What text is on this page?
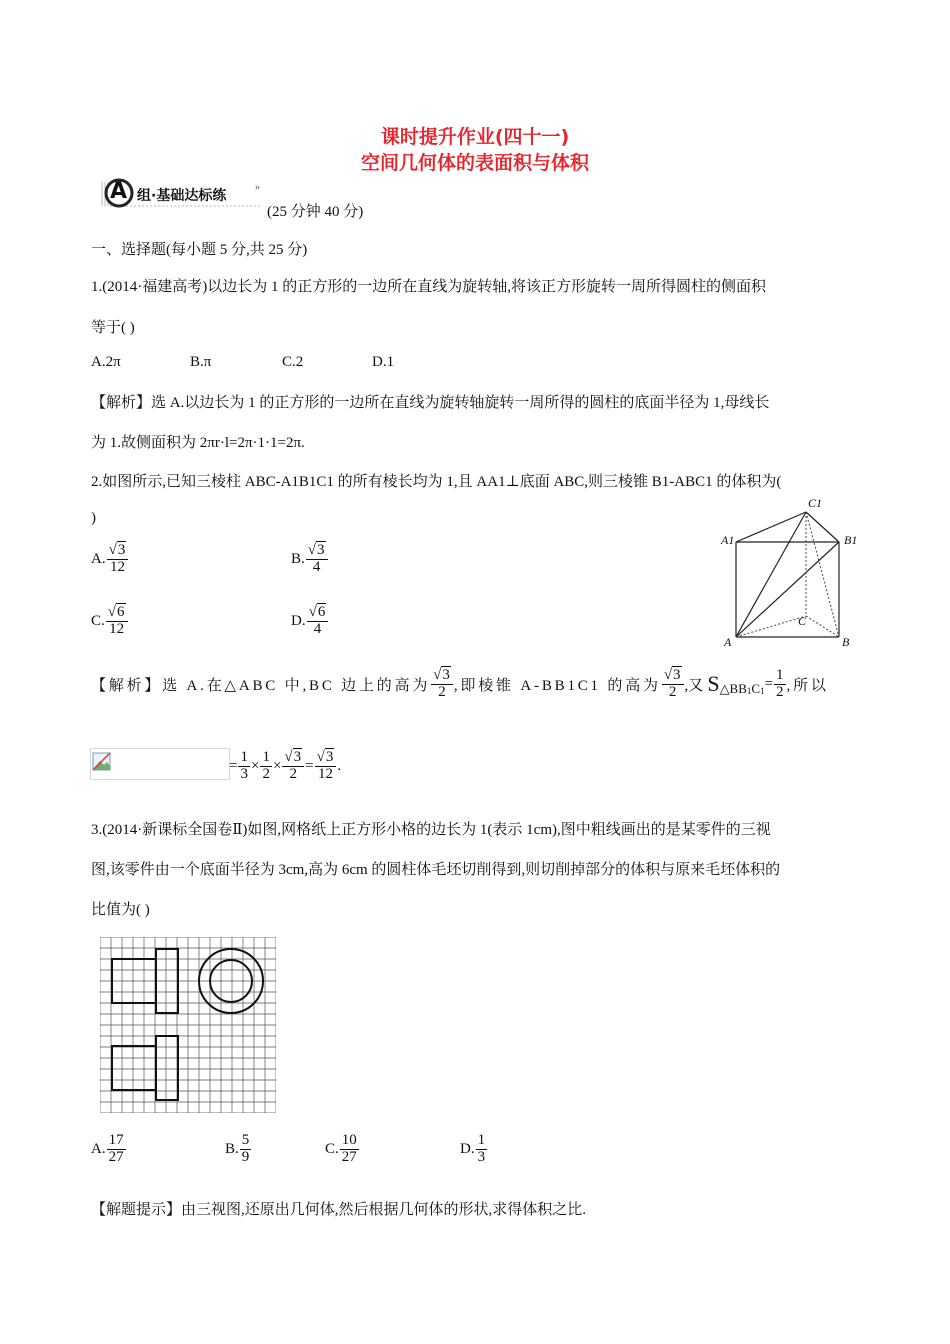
课时提升作业(四十一)
空间几何体的表面积与体积
A 组·基础达标练
»
(25 分钟 40 分)
一、选择题(每小题 5 分,共 25 分)
1.(2014·福建高考)以边长为 1 的正方形的一边所在直线为旋转轴,将该正方形旋转一周所得圆柱的侧面积
等于( )
A.2π	B.π	C.2	D.1
【解析】选 A.以边长为 1 的正方形的一边所在直线为旋转轴旋转一周所得的圆柱的底面半径为 1,母线长
为 1.故侧面积为 2πr·l=2π·1·1=2π.
2.如图所示,已知三棱柱 ABC-A1B1C1 的所有棱长均为 1,且 AA1⊥底面 ABC,则三棱锥 B1-ABC1 的体积为(
)
A. $\frac{√3}{12}$	B. $\frac{√3}{4}$
C. $\frac{√6}{12}$	D. $\frac{√6}{4}$
A1	B1
C1
A	B
C
【解析】选 A.在△ABC 中,BC 边上的高为 $\frac{√3}{2}$ ,即棱锥 A-BB1C1 的高为 $\frac{√3}{2}$ ,又 S △BB 1 C $1 = \frac{1}{2}$ ,所以
= $\frac{1}{3} \times \frac{1}{2} \times \frac{√3}{2} = \frac{√3}{12}$ .
3.(2014·新课标全国卷Ⅱ)如图,网格纸上正方形小格的边长为 1(表示 1cm),图中粗线画出的是某零件的三视
图,该零件由一个底面半径为 3cm,高为 6cm 的圆柱体毛坯切削得到,则切削掉部分的体积与原来毛坯体积的
比值为( )
A. $\frac{17}{27}$	B. $\frac{5}{9}$	C. $\frac{10}{27}$	D. $\frac{1}{3}$
【解题提示】由三视图,还原出几何体,然后根据几何体的形状,求得体积之比.
